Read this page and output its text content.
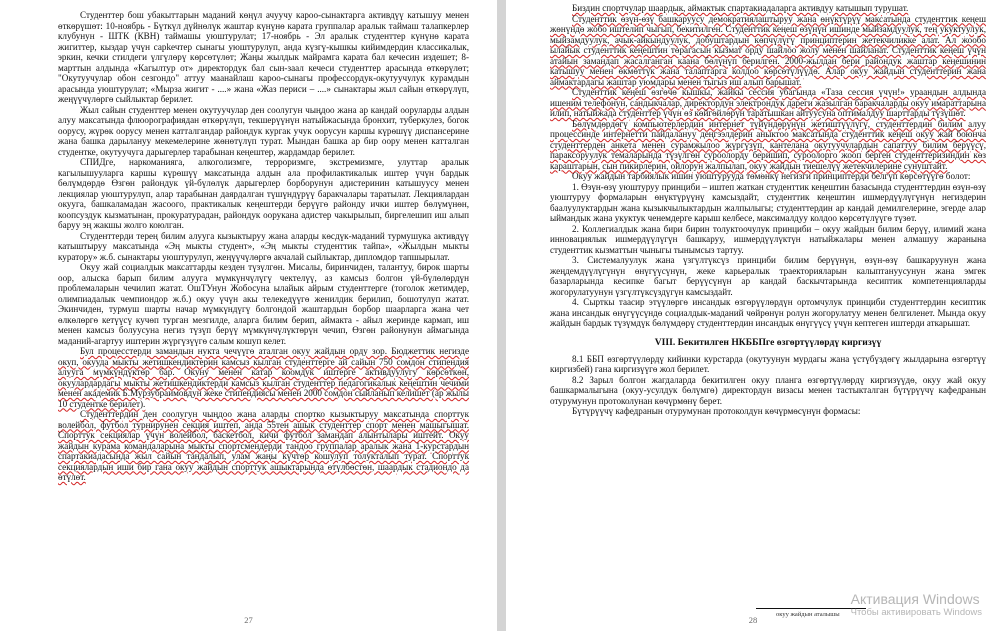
Студенттер бош убакыттарын маданий көңүл ачуучу кароо-сынактарга активдүү катышуу менен өткөрүшөт: 10-ноябрь - Бүткүл дүйнөлүк жаштар күнүнө карата группалар аралык таймаш талапкерлер клубунун - ШТК (КВН) таймашы уюштурулат; 17-ноябрь - Эл аралык студенттер күнүнө карата жигиттер, кыздар үчүн сарkечтер сынагы уюштурулуп, анда күзгү-кышкы кийимдердин классикалык, эркин, кечки стилдеги үлгүлөрү көрсөтүлөт; Жаңы жылдык майрамга карата бал кечесин издешет; 8-марттын алдында «Кагылтур от» директордук бал сын-заал кечеси студенттер арасында өткөрүлөт; "Окутуучулар обон сезгондо" аттуу маанайлаш кароо-сынагы профессордук-окутуучулук курамдын арасында уюштурулат; «Мырза жигит - ....» жана «Жаз периси – ....» сынактары жыл сайын өткөрүлүп, жеңүүчүлөргө сыйлыктар берилет.

Жыл сайын студенттер менен окутуучулар ден соолугун чыңдоо жана ар кандай ооруларды алдын алуу максатында флюорографиядан өткөрүлүп, текшерүүнүн натыйжасында бронхит, туберкулез, богок оорусу, жүрөк оорусу менен катталгандар райондук кургак учук оорусун каршы күрөшүү диспансерине жана башка дарылануу мекемелерине жөнөтүлүп турат. Мындан башка ар бир оору менен катталган студентке, окутуучуга дарыгерлер тарабынан кеңештер, жардамдар берилет.

СПИДге, наркоманияга, алкоголизмге, терроризмге, экстремизмге, улуттар аралык кагылышууларга каршы күрөшүү максатында алдын ала профилактикалык иштер үчүн бардык бөлүмдөрдө Өзгөн райондук үй-бүлөлүк дарыгерлер борборунун адистеринин катышуусу менен лекциялар уюштурулуп, алар тарабынан даярдалган түшүндүрүү баракчалары таратылат. Лекциялардан окууга, башкаламадан жасоого, практикалык кеңештерди берүүгө районду ички иштер бөлүмүнөн, коопсуздук кызматынан, прокуратурадан, райондук оорукана адистер чакырылып, биргелешип иш алып баруу эң жакшы жолго коюлган.

Студенттерди терең билим алууга кызыктыруу жана аларды көсдүк-маданий турмушука активдүү катыштыруу максатында «Эң мыкты студент», «Эң мыкты студенттик тайпа», «Жылдын мыкты куратору» ж.б. сынактары уюштурулуп, жеңүүчүлөргө акчалай сыйлыктар, дипломдор тапшырылат.

Окуу жай социалдык максаттарды кезден түзүлгөн. Мисалы, биринчиден, талантуу, бирок шарты оор, алыска барып билим алууга мүмкүнчүлүгү чектелүү, аз камсыз болгон үй-бүлөлөрдүн проблемаларын чечилип жатат. ОшТУнун Жобосуна ылайык айрым студенттерге (тоголок жетимдер, олимпиадалык чемпиондор ж.б.) окуу үчүн акы телекедүүгө женилдик берилип, бошотулуп жатат. Экинчиден, турмуш шарты начар мүмкүндүгү болгондой жаштардын борбор шаарларга жана чет өлкөлөргө кетүүсү кучөп турган мезгилде, аларга билим берип, аймакта - айыл жеринде кармап, иш менен камсыз болуусуна негиз түзүп берүү мүмкүнчүлүктөрүн чечип, Өзгөн районунун аймагында маданий-агартуу иштерин жүргүзүүгө салым кошуп келет.

Бул процесстерди замандын нукта чечүүгө аталган окуу жайдын орду зор. Бюджеттик негизде окуп, окууда мыкты жетишкендиктерин камсыз кылган студенттерге ай сайын 750 сомдон стипендия алууга мүмкүндүктөр бар. Окуну менен катар коомдук иштерге активдуулугу көрсөткөн, окуулардардагы мыкты жетишкендиктерди камсыз кылган студенттер педагогикалык кеңештин чечими менен академик Б.Мурзубраимовдун жеке стипендиясы менен 2000 сомдон сыйланып келишет (ар жылы 10 студентке берилет).

Студенттердин ден соолугун чыңдоо жана аларды спортко кызыктыруу максатында спорттук волейбол, футбол турнирунен секция иштеп, анда 55тен ашык студенттер спорт менен машыгышат. Спорттук секциялар үчүн волейбол, баскетбол, кичи футбол замандап алынтылары иштейт. Окуу жайдын курама командаларына мыкты спортсмендерди тандоо группалар аралык жана 1-курстардын спартакиадасында жыл сайын тандалып, улам жаңы күчтөр кошулуп толукталып турат. Спорттук секциялардын иши бир гана окуу жайдын спорттук ашыктарында өтүлбөстөн, шаардык стадиондо да өтүлөт.

27

Биздин спортчулар шаардык, аймактык спартакиадаларга активдуу катышып турушат.

Студенттик өзүн-өзү башкаруусу демократиялаштыруу жана өнүктүрүү максатында студенттик кеңеш жөнүндө жобо иштелип чыгып, бекитилген. Студенттик кеңеш өзүнүн ишинде мыйзамдуулук, тең укуктуулук, мыйзамдуулук, ачык-айкындуулук, добуштардын көпчүлүгү принциптерин жетекчиликке алат. Ал жообо ылайык студенттик кеңештин төрагасын кызмат орду шайлоо жолу менен шайланат. Студенттик кеңеш үчүн атайын замандап жасалганган каана бөлүнүп берилген. 2000-жылдан бери райондук жаштар кеңешинин катышуу менен өкмөттүк жана талаптарга колдоо көрсөтүлүүдө. Алар окуу жайдын студенттерин жана аймактардагы жаштар уюмдары менен тыгыз иш алып барышат.

Студенттик кеңеш өзгөчө кышкы, жайкы сессия убагында «Таза сессия үчүн!» ураандын алдында ишеним телефонун, сандыкчалар, директордун электрондук дареги жазылган баракчаларды окуу имараттарына илип, натыйжада студенттер үчүн өз көйгөйлөрүн таратышкан айтуусуна оптималдуу шарттарды түзүшөт.

Бөлүмдөрдөгү компьютерлердин интернет түйүндөрүнүн жетиштүүлүгү, студенттердин билим алуу процессинде интернетти пайдалануу деңгээлдерин аныктоо максатында студенттик кеңеш окуу жай боюнча студенттерден анкета менен сурамжылоо жүргүзүп, кантелана окутуучулардын сапаттуу билим берүүсү, параксоруулук темаларында түзүлгөн суроолорду беришип, суроолорго жооп берген студенттеризиндин көз караштарын, сын пикирлерин, ойлорун жалпылап, окуу жайдын тиешелүү жетекчилерине сунуштайт.

Окуу жайдын тарбиялык ишин уюштурууда төмөнкү негизги принциптерди белгүп көрсөтүүгө болот:

1. Өзүн-өзү уюштуруу принциби – иштеп жаткан студенттик кеңештин базасында студенттердин өзүн-өзү уюштуруу формаларын өнүктүрүүнү камсыздайт, студенттик кеңештин ишмердүүлүгүнүн негиздерин баалуулуктардын жана кызыкчылыктардын жалпылыгы; студенттердин ар кандай демилгелерине, эгерде алар ыймандык жана укуктук ченемдерге карыш келбесе, максималдуу колдоо көрсөтүлүүгө түзөт.

2. Коллегиалдык жана бири бирин толуктоочулук принциби – окуу жайдын билим берүү, илимий жана инновациялык ишмердүүлүгүн башкаруу, ишмердүүлүктүн натыйжалары менен алмашуу жаранына студенттик кызматтын чыныгы тынымсыз тартуу.

3. Системалуулук жана үзгүлтүксүз принциби билим берүүнүн, өзүн-өзү башкаруунун жана жеңдемдүүлүгүнүн өнүгүүсүнүн, жеке карьералык траекторияларын калыптануусунун жана эмгек базарларында кесипке багыт берүүсүнүн ар кандай баскычтарында кесиптик компетенцияларды жогорулатуунун үзгүлтүксүздүгүн камсыздайт.

4. Сырткы таасир этүүлөргө инсандык өзгөрүүлөрдүн ортомчулук принциби студенттердин кесиптик жана инсандык өнүгүүсүндө социалдык-маданий чөйрөнүн ролун жогорулатуу менен белгиленет. Мында окуу жайдын бардык түзүмдүк бөлүмдөрү студенттердин инсандык өнүгүүсү үчүн кептеген иштерди аткарышат.

VIII. Бекитилген НКББПге өзгөртүүлөрдү киргизүү

8.1 ББП өзгөртүүлөрдү кийинки курстарда (окутуунун мурдагы жана үстүбүздөгү жылдарына өзгөртүү киргизбей) гана киргизүүгө жол берилет.

8.2 Зарыл болгон жагдаларда бекитилген окуу планга өзгөртүүлөрдү киргизүүдө, окуу жай окуу башкармалыгына (окуу-усулдук бөлүмгө) директордун визасы менен тастыкталган бүтүрүүчү кафедранын отурумунун протоколунан көчүрмөнү берет.

Бүтүрүүчү кафедранын отурумунан протоколдун көчүрмөсүнүн формасы:

окуу жайдын аталышы
28
Активация Windows
Чтобы активировать Windows
